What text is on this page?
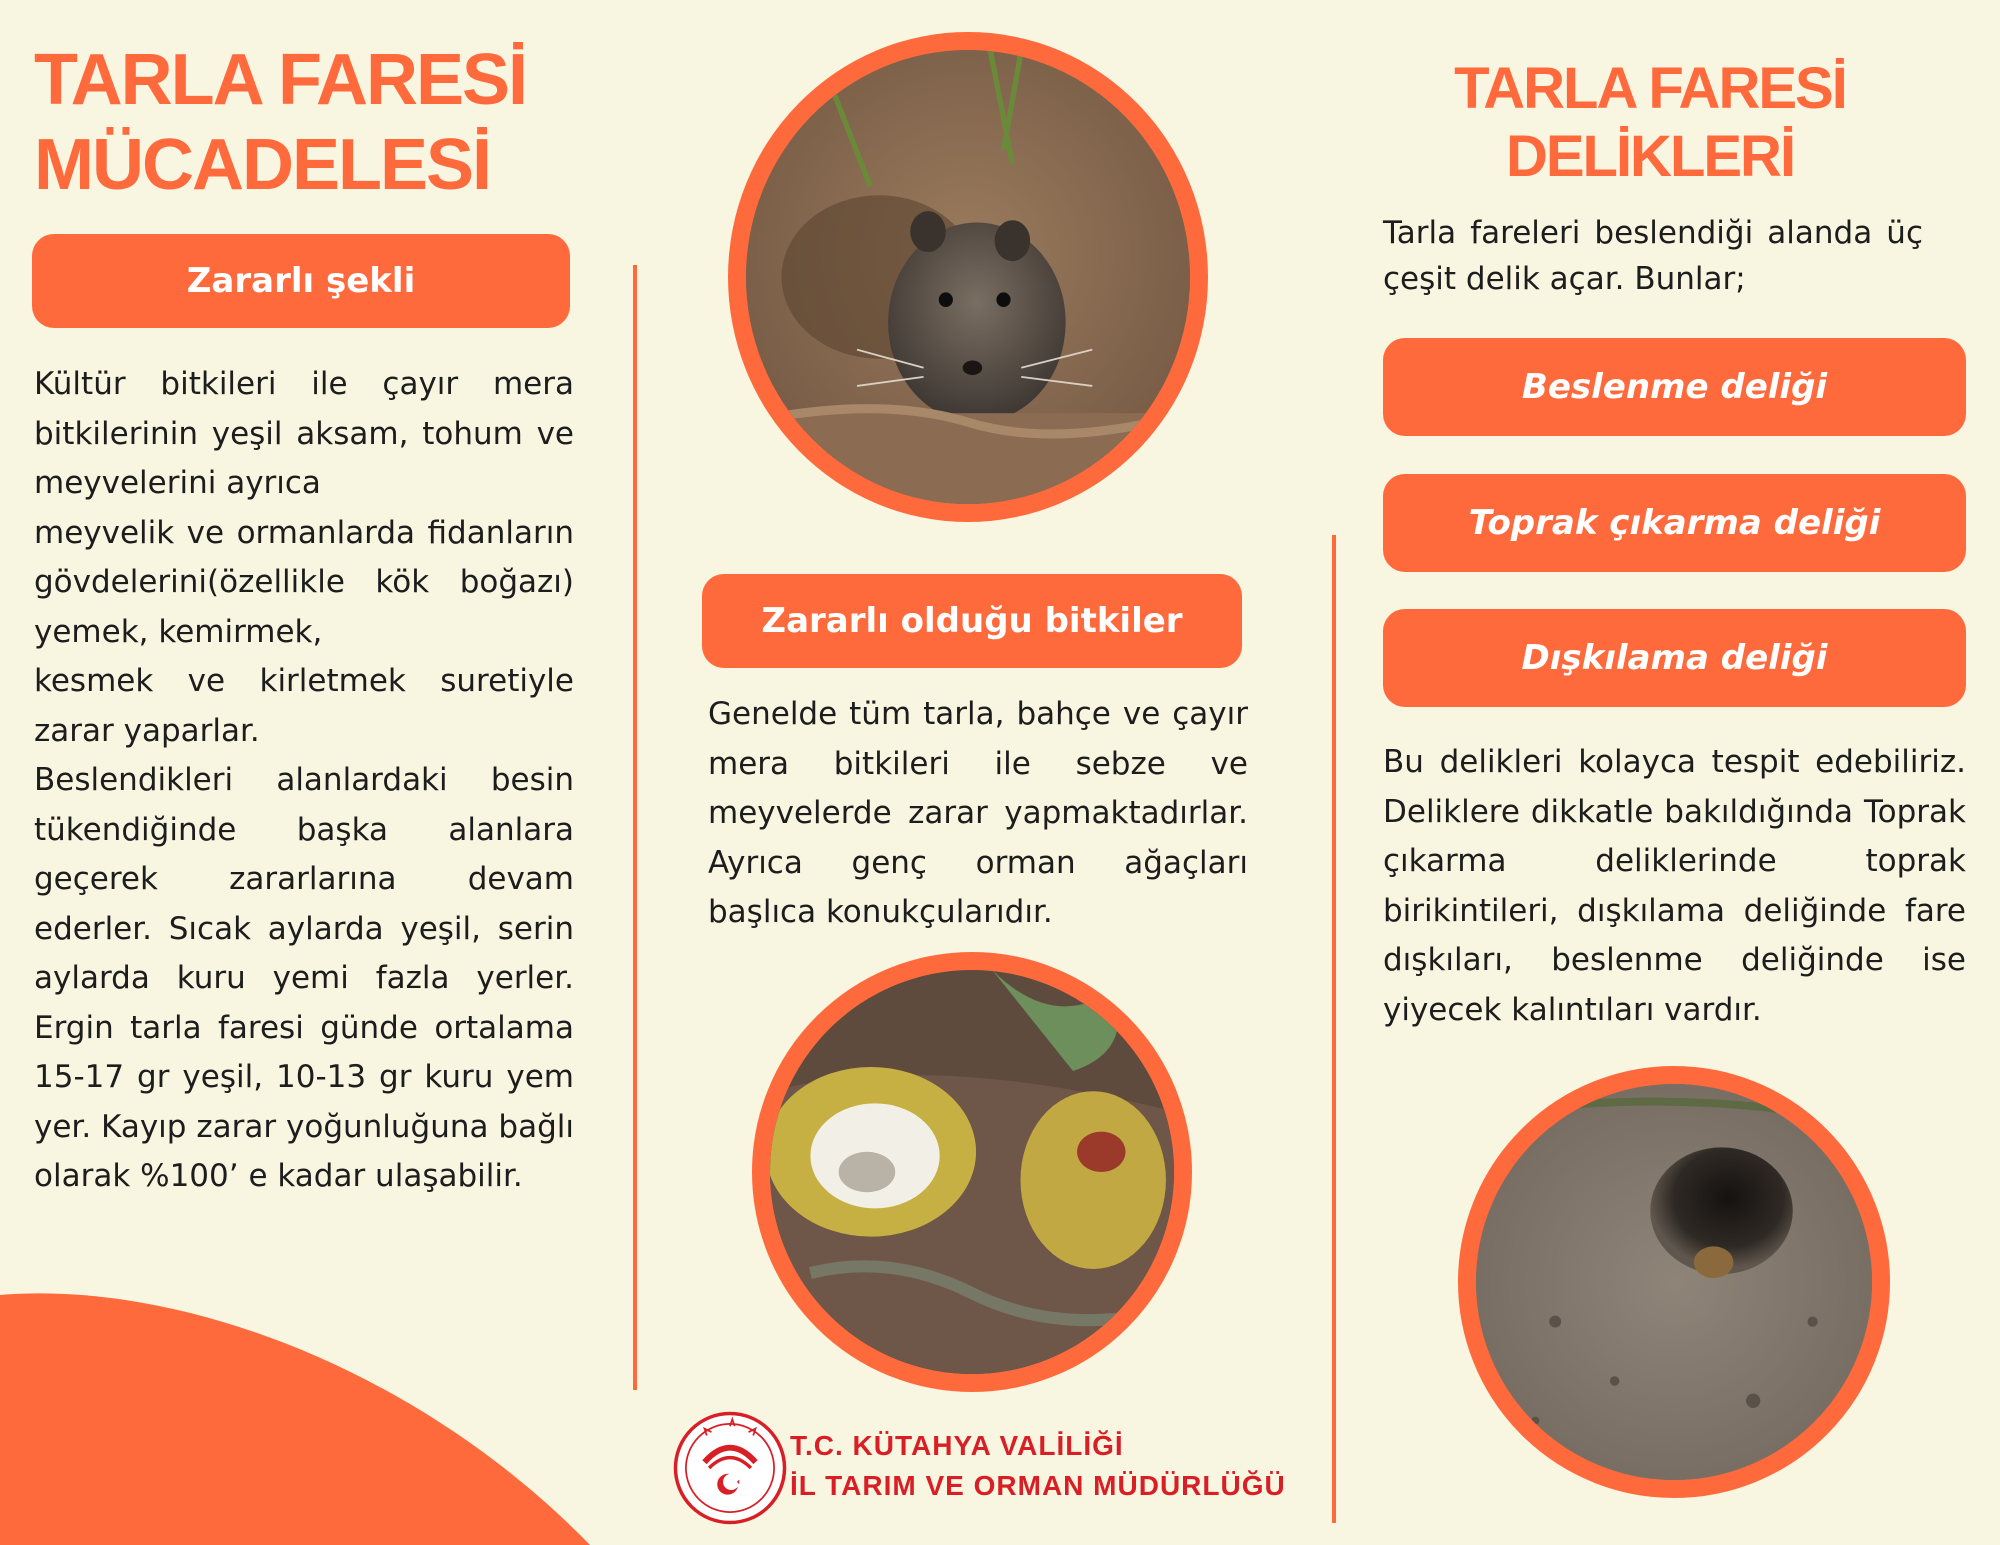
TARLA FARESİ
MÜCADELESİ
Zararlı şekli

Kültür bitkileri ile çayır mera bitkilerinin yeşil aksam, tohum ve meyvelerini ayrıca

meyvelik ve ormanlarda fidanların gövdelerini(özellikle kök boğazı) yemek, kemirmek,

kesmek ve kirletmek suretiyle zarar yaparlar.

Beslendikleri alanlardaki besin tükendiğinde başka alanlara geçerek zararlarına devam ederler. Sıcak aylarda yeşil, serin aylarda kuru yemi fazla yerler. Ergin tarla faresi günde ortalama 15-17 gr yeşil, 10-13 gr kuru yem yer. Kayıp zarar yoğunluğuna bağlı olarak %100’ e kadar ulaşabilir.

Zararlı olduğu bitkiler

Genelde tüm tarla, bahçe ve çayır mera bitkileri ile sebze ve meyvelerde zarar yapmaktadırlar. Ayrıca genç orman ağaçları başlıca konukçularıdır.

T.C. KÜTAHYA VALİLİĞİ
İL TARIM VE ORMAN MÜDÜRLÜĞÜ
TARLA FARESİ
DELİKLERİ

Tarla fareleri beslendiği alanda üç çeşit delik açar. Bunlar;

Beslenme deliği
Toprak çıkarma deliği
Dışkılama deliği

Bu delikleri kolayca tespit edebiliriz. Deliklere dikkatle bakıldığında Toprak çıkarma deliklerinde toprak birikintileri, dışkılama deliğinde fare dışkıları, beslenme deliğinde ise yiyecek kalıntıları vardır.
